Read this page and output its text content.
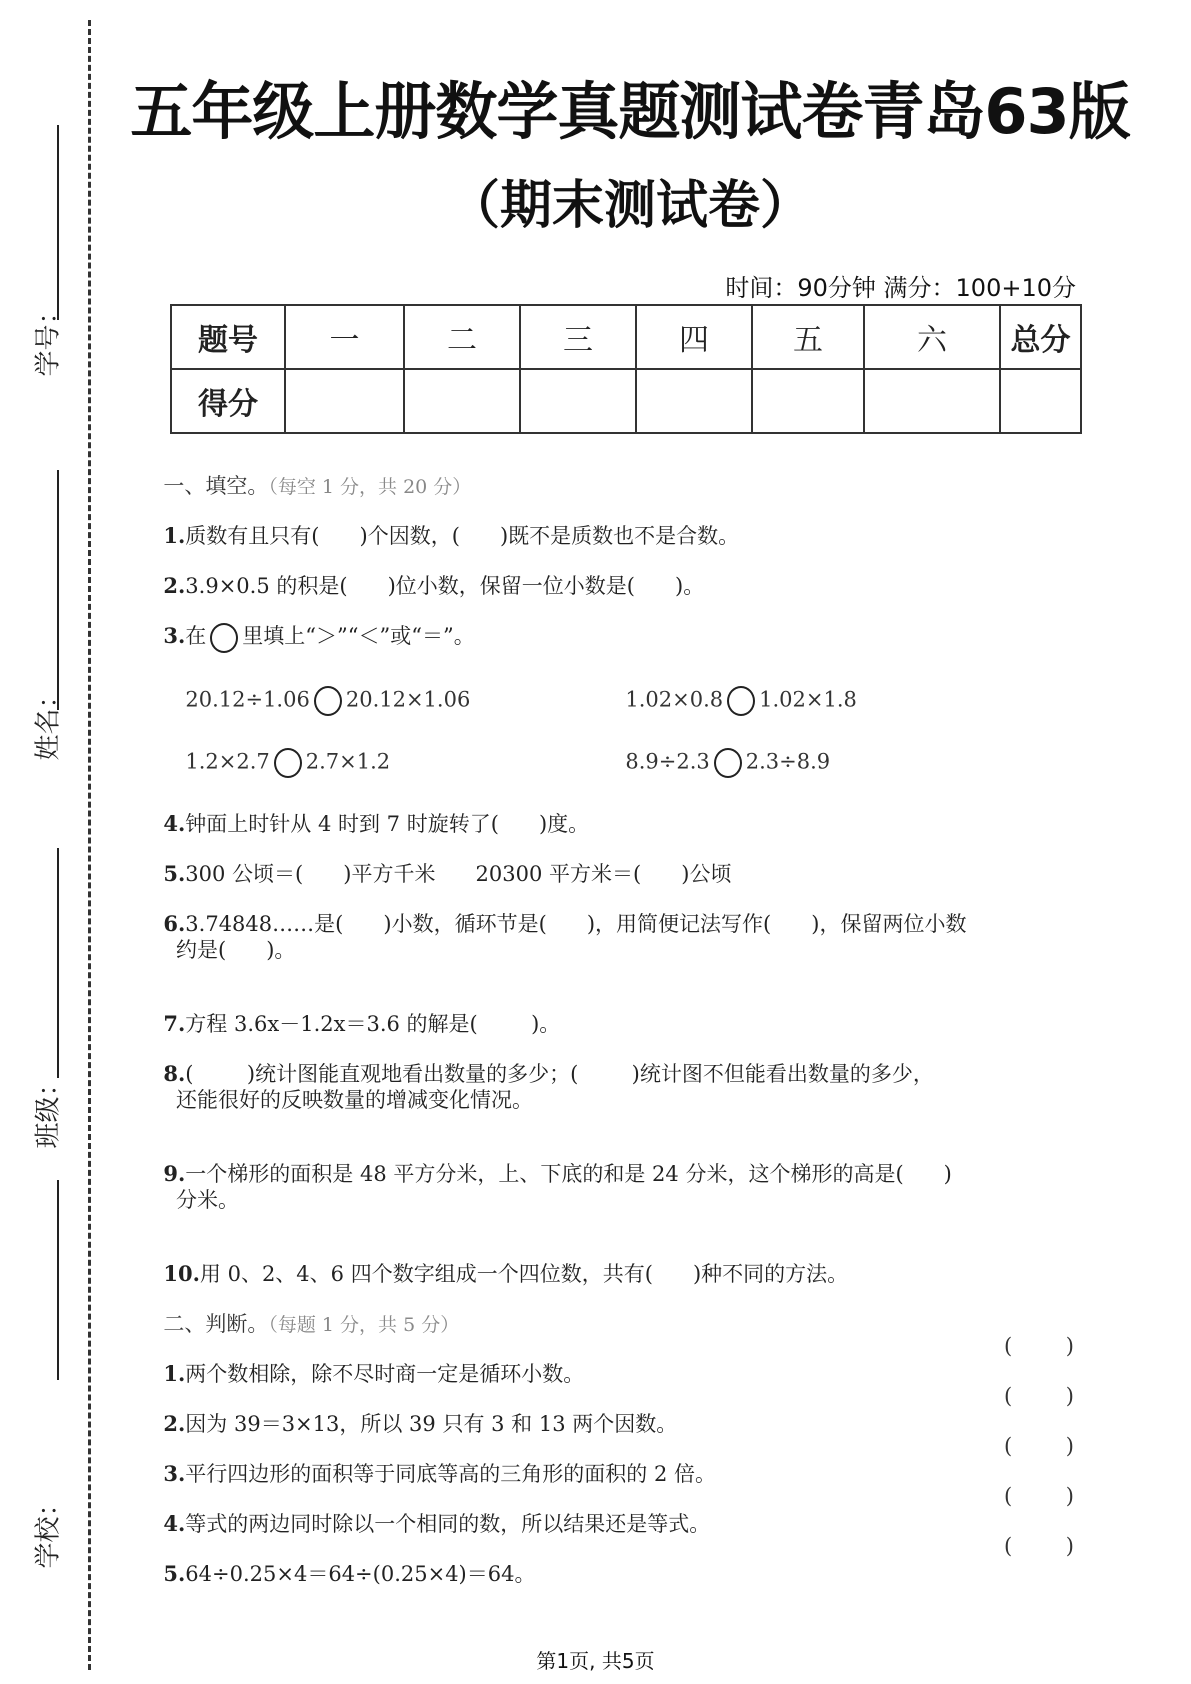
学号：
姓名：
班级：
学校：
五年级上册数学真题测试卷青岛63版
（期末测试卷）
时间：90分钟 满分：100+10分
题号	一	二	三	四	五	六	总分
得分							

一、填空。（每空 1 分，共 20 分）

1.质数有且只有(      )个因数，(      )既不是质数也不是合数。

2.3.9×0.5 的积是(      )位小数，保留一位小数是(      )。

3.在 里填上“＞”“＜”或“＝”。

20.12÷1.06 20.12×1.06	1.02×0.8 1.02×1.8

1.2×2.7 2.7×1.2	8.9÷2.3 2.3÷8.9

4.钟面上时针从 4 时到 7 时旋转了(      )度。

5.300 公顷＝(      )平方千米      20300 平方米＝(      )公顷

6.3.74848……是(      )小数，循环节是(      )，用简便记法写作(      )，保留两位小数

约是(      )。

7.方程 3.6x－1.2x＝3.6 的解是(        )。

8.(        )统计图能直观地看出数量的多少；(        )统计图不但能看出数量的多少，

还能很好的反映数量的增减变化情况。

9.一个梯形的面积是 48 平方分米，上、下底的和是 24 分米，这个梯形的高是(      )

分米。

10.用 0、2、4、6 四个数字组成一个四位数，共有(      )种不同的方法。

二、判断。（每题 1 分，共 5 分）

1.两个数相除，除不尽时商一定是循环小数。

(	)

2.因为 39＝3×13，所以 39 只有 3 和 13 两个因数。

(	)

3.平行四边形的面积等于同底等高的三角形的面积的 2 倍。

(	)

4.等式的两边同时除以一个相同的数，所以结果还是等式。

(	)

5.64÷0.25×4＝64÷(0.25×4)＝64。

(	)
第1页, 共5页
